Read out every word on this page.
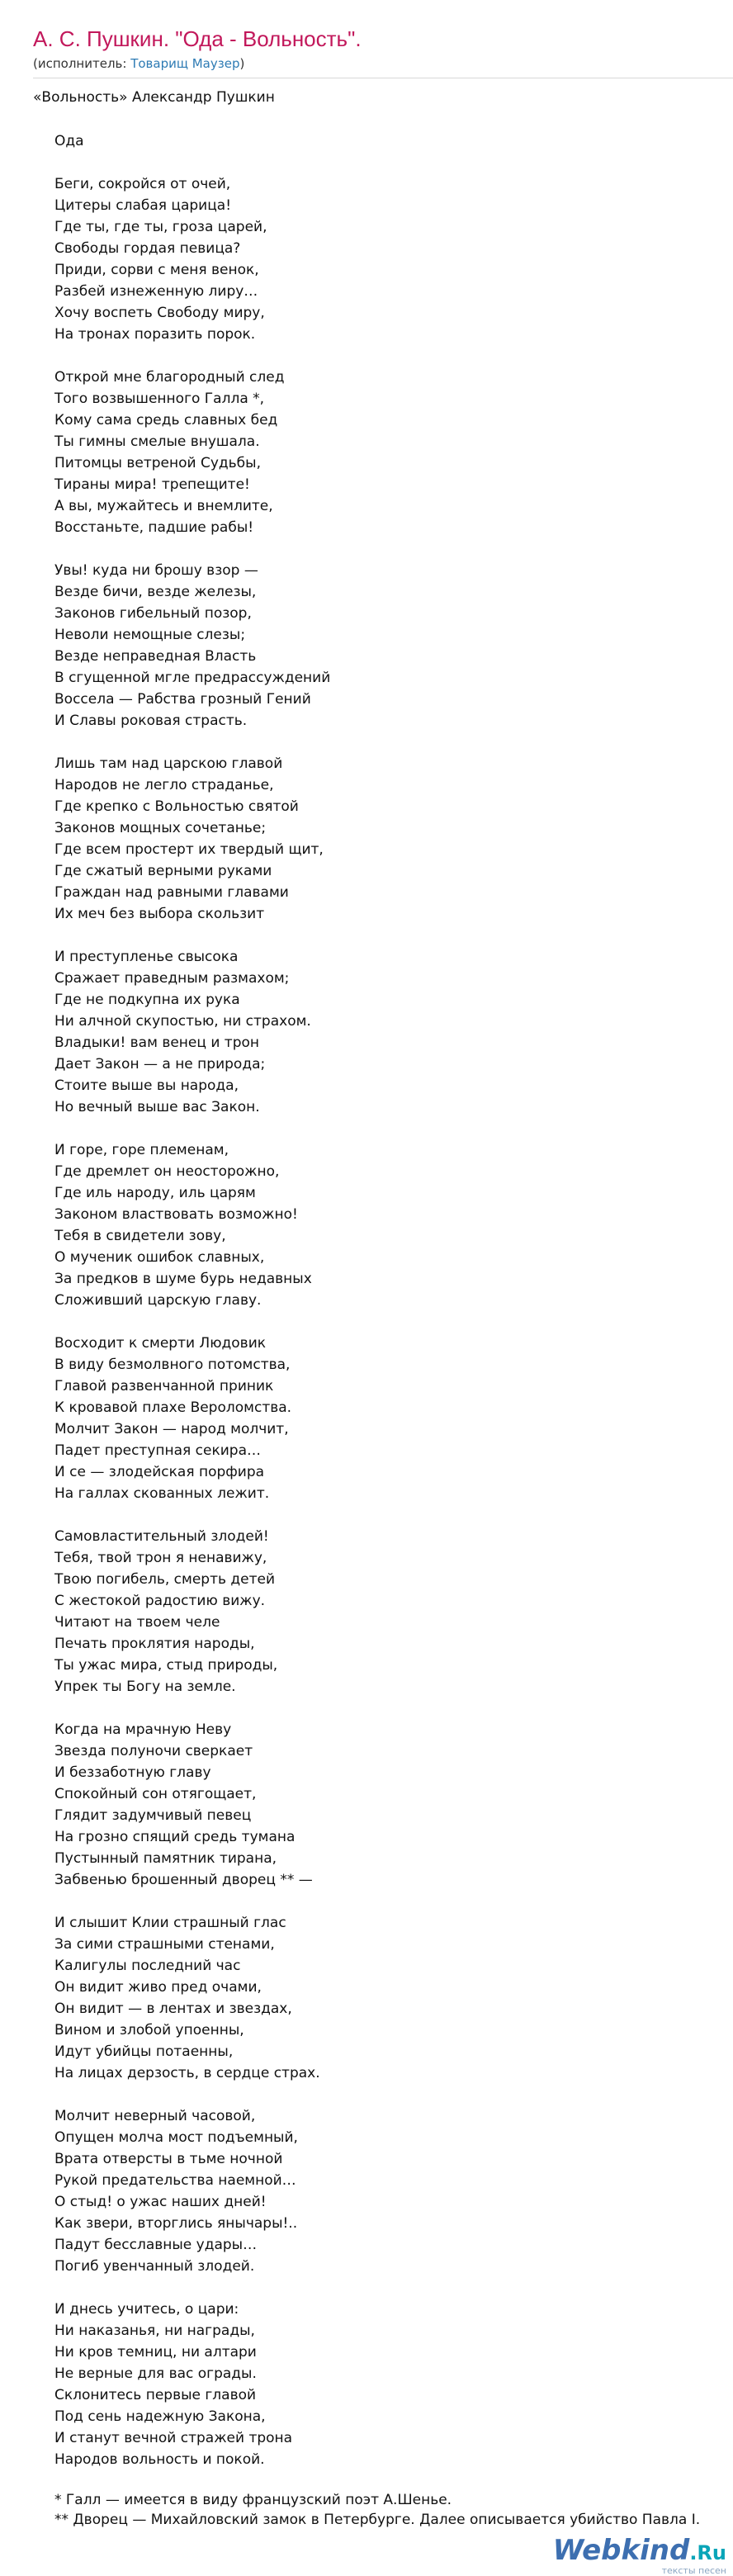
А. С. Пушкин. "Ода - Вольность".
(исполнитель: Товарищ Маузер)
«Вольность» Александр Пушкин
Ода
Беги, сокройся от очей,
Цитеры слабая царица!
Где ты, где ты, гроза царей,
Свободы гордая певица?
Приди, сорви с меня венок,
Разбей изнеженную лиру…
Хочу воспеть Свободу миру,
На тронах поразить порок.
Открой мне благородный след
Того возвышенного Галла *,
Кому сама средь славных бед
Ты гимны смелые внушала.
Питомцы ветреной Судьбы,
Тираны мира! трепещите!
А вы, мужайтесь и внемлите,
Восстаньте, падшие рабы!
Увы! куда ни брошу взор —
Везде бичи, везде железы,
Законов гибельный позор,
Неволи немощные слезы;
Везде неправедная Власть
В сгущенной мгле предрассуждений
Воссела — Рабства грозный Гений
И Славы роковая страсть.
Лишь там над царскою главой
Народов не легло страданье,
Где крепко с Вольностью святой
Законов мощных сочетанье;
Где всем простерт их твердый щит,
Где сжатый верными руками
Граждан над равными главами
Их меч без выбора скользит
И преступленье свысока
Сражает праведным размахом;
Где не подкупна их рука
Ни алчной скупостью, ни страхом.
Владыки! вам венец и трон
Дает Закон — а не природа;
Стоите выше вы народа,
Но вечный выше вас Закон.
И горе, горе племенам,
Где дремлет он неосторожно,
Где иль народу, иль царям
Законом властвовать возможно!
Тебя в свидетели зову,
О мученик ошибок славных,
За предков в шуме бурь недавных
Сложивший царскую главу.
Восходит к смерти Людовик
В виду безмолвного потомства,
Главой развенчанной приник
К кровавой плахе Вероломства.
Молчит Закон — народ молчит,
Падет преступная секира…
И се — злодейская порфира
На галлах скованных лежит.
Самовластительный злодей!
Тебя, твой трон я ненавижу,
Твою погибель, смерть детей
С жестокой радостию вижу.
Читают на твоем челе
Печать проклятия народы,
Ты ужас мира, стыд природы,
Упрек ты Богу на земле.
Когда на мрачную Неву
Звезда полуночи сверкает
И беззаботную главу
Спокойный сон отягощает,
Глядит задумчивый певец
На грозно спящий средь тумана
Пустынный памятник тирана,
Забвенью брошенный дворец ** —
И слышит Клии страшный глас
За сими страшными стенами,
Калигулы последний час
Он видит живо пред очами,
Он видит — в лентах и звездах,
Вином и злобой упоенны,
Идут убийцы потаенны,
На лицах дерзость, в сердце страх.
Молчит неверный часовой,
Опущен молча мост подъемный,
Врата отверсты в тьме ночной
Рукой предательства наемной…
О стыд! о ужас наших дней!
Как звери, вторглись янычары!..
Падут бесславные удары…
Погиб увенчанный злодей.
И днесь учитесь, о цари:
Ни наказанья, ни награды,
Ни кров темниц, ни алтари
Не верные для вас ограды.
Склонитесь первые главой
Под сень надежную Закона,
И станут вечной стражей трона
Народов вольность и покой.
* Галл — имеется в виду французский поэт А.Шенье.
** Дворец — Михайловский замок в Петербурге. Далее описывается убийство Павла I.
Webkind.Ru
тексты песен
